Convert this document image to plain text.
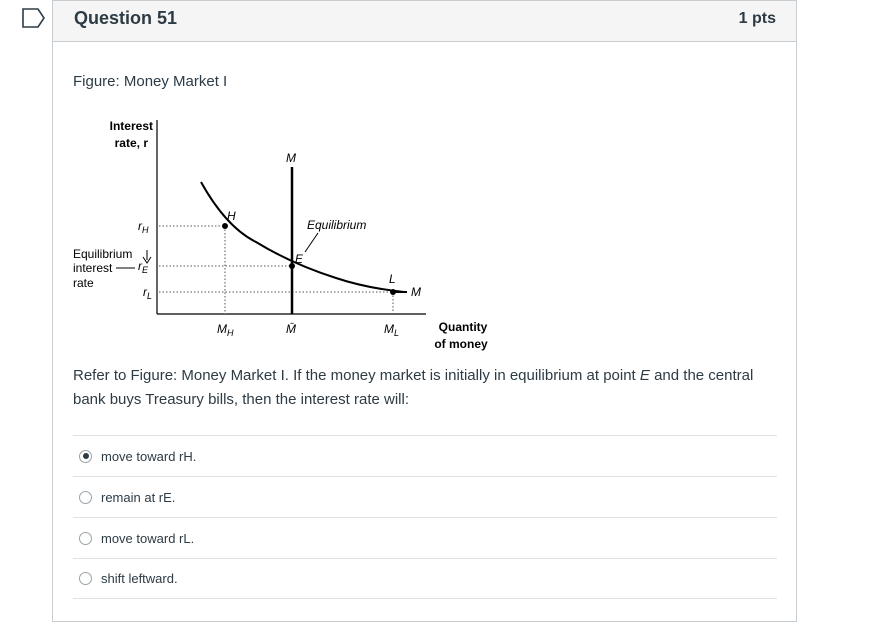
Question 51	1 pts
Figure: Money Market I
Interest
rate, r
M
M
H
E
L
Equilibrium
$r_H$
$r_E$
$r_L$
Equilibrium
interest
rate
$M_H$	M̄	$M_L$	Quantity
of money
Refer to Figure: Money Market I. If the money market is initially in equilibrium at point E and the central bank buys Treasury bills, then the interest rate will:
move toward rH.
remain at rE.
move toward rL.
shift leftward.
